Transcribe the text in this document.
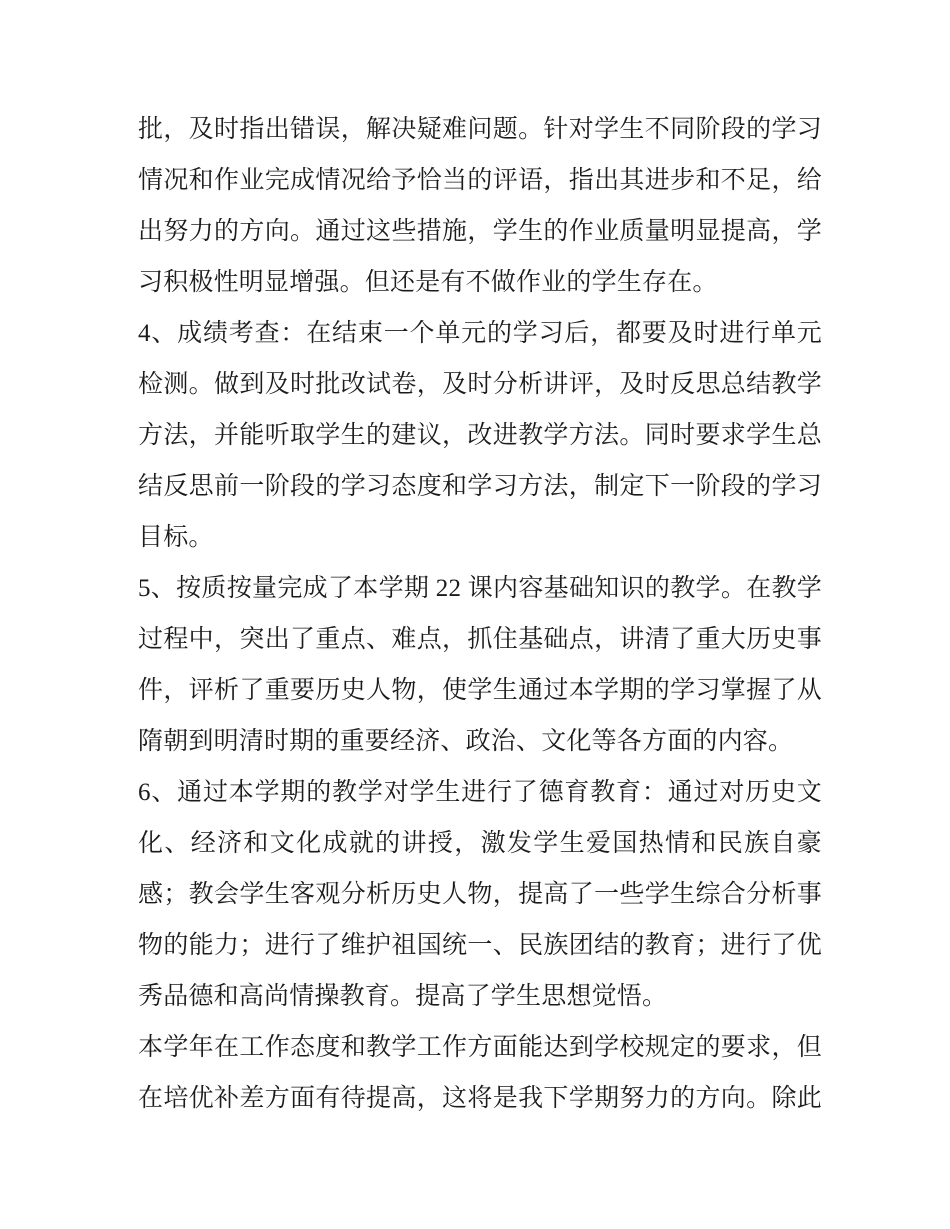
批，及时指出错误，解决疑难问题。针对学生不同阶段的学习
情况和作业完成情况给予恰当的评语，指出其进步和不足，给
出努力的方向。通过这些措施，学生的作业质量明显提高，学
习积极性明显增强。但还是有不做作业的学生存在。
4、成绩考查：在结束一个单元的学习后，都要及时进行单元
检测。做到及时批改试卷，及时分析讲评，及时反思总结教学
方法，并能听取学生的建议，改进教学方法。同时要求学生总
结反思前一阶段的学习态度和学习方法，制定下一阶段的学习
目标。
5、按质按量完成了本学期 22 课内容基础知识的教学。在教学
过程中，突出了重点、难点，抓住基础点，讲清了重大历史事
件，评析了重要历史人物，使学生通过本学期的学习掌握了从
隋朝到明清时期的重要经济、政治、文化等各方面的内容。
6、通过本学期的教学对学生进行了德育教育：通过对历史文
化、经济和文化成就的讲授，激发学生爱国热情和民族自豪
感；教会学生客观分析历史人物，提高了一些学生综合分析事
物的能力；进行了维护祖国统一、民族团结的教育；进行了优
秀品德和高尚情操教育。提高了学生思想觉悟。
本学年在工作态度和教学工作方面能达到学校规定的要求，但
在培优补差方面有待提高，这将是我下学期努力的方向。除此
